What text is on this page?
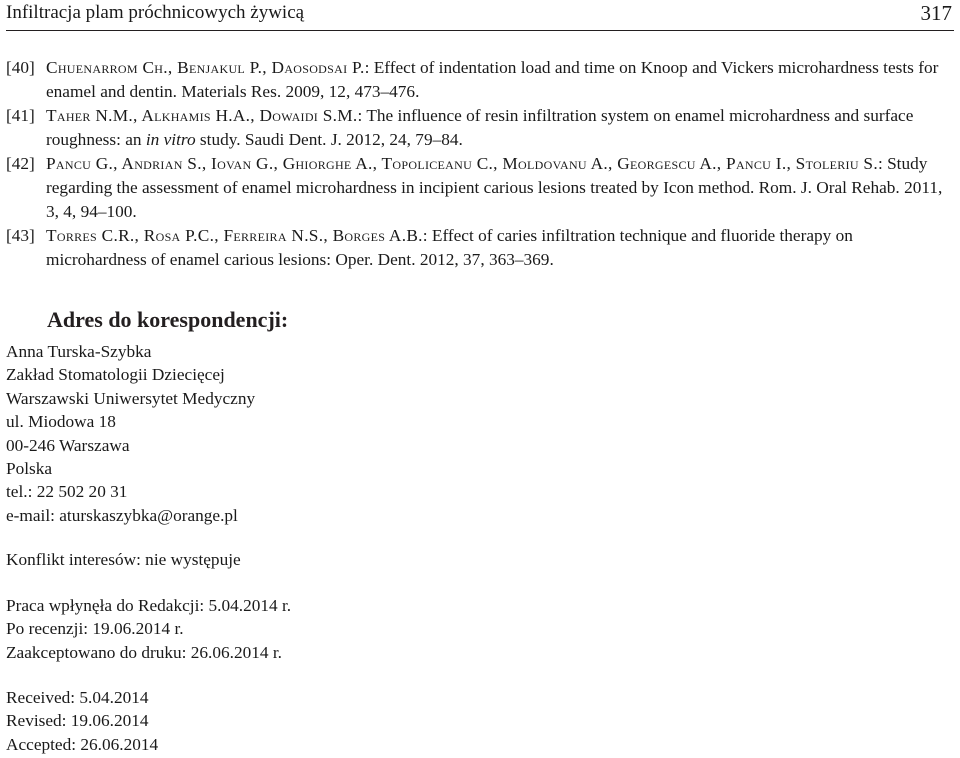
Infiltracja plam próchnicowych żywicą	317

[40] Chuenarrom Ch., Benjakul P., Daosodsai P.: Effect of indentation load and time on Knoop and Vickers microhardness tests for enamel and dentin. Materials Res. 2009, 12, 473–476.

[41] Taher N.M., Alkhamis H.A., Dowaidi S.M.: The influence of resin infiltration system on enamel microhardness and surface roughness: an in vitro study. Saudi Dent. J. 2012, 24, 79–84.

[42] Pancu G., Andrian S., Iovan G., Ghiorghe A., Topoliceanu C., Moldovanu A., Georgescu A., Pancu I., Stoleriu S.: Study regarding the assessment of enamel microhardness in incipient carious lesions treated by Icon method. Rom. J. Oral Rehab. 2011, 3, 4, 94–100.

[43] Torres C.R., Rosa P.C., Ferreira N.S., Borges A.B.: Effect of caries infiltration technique and fluoride therapy on microhardness of enamel carious lesions: Oper. Dent. 2012, 37, 363–369.

Adres do korespondencji:
Anna Turska-Szybka
Zakład Stomatologii Dziecięcej
Warszawski Uniwersytet Medyczny
ul. Miodowa 18
00-246 Warszawa
Polska
tel.: 22 502 20 31
e-mail: aturskaszybka@orange.pl
Konflikt interesów: nie występuje
Praca wpłynęła do Redakcji: 5.04.2014 r.
Po recenzji: 19.06.2014 r.
Zaakceptowano do druku: 26.06.2014 r.
Received: 5.04.2014
Revised: 19.06.2014
Accepted: 26.06.2014
